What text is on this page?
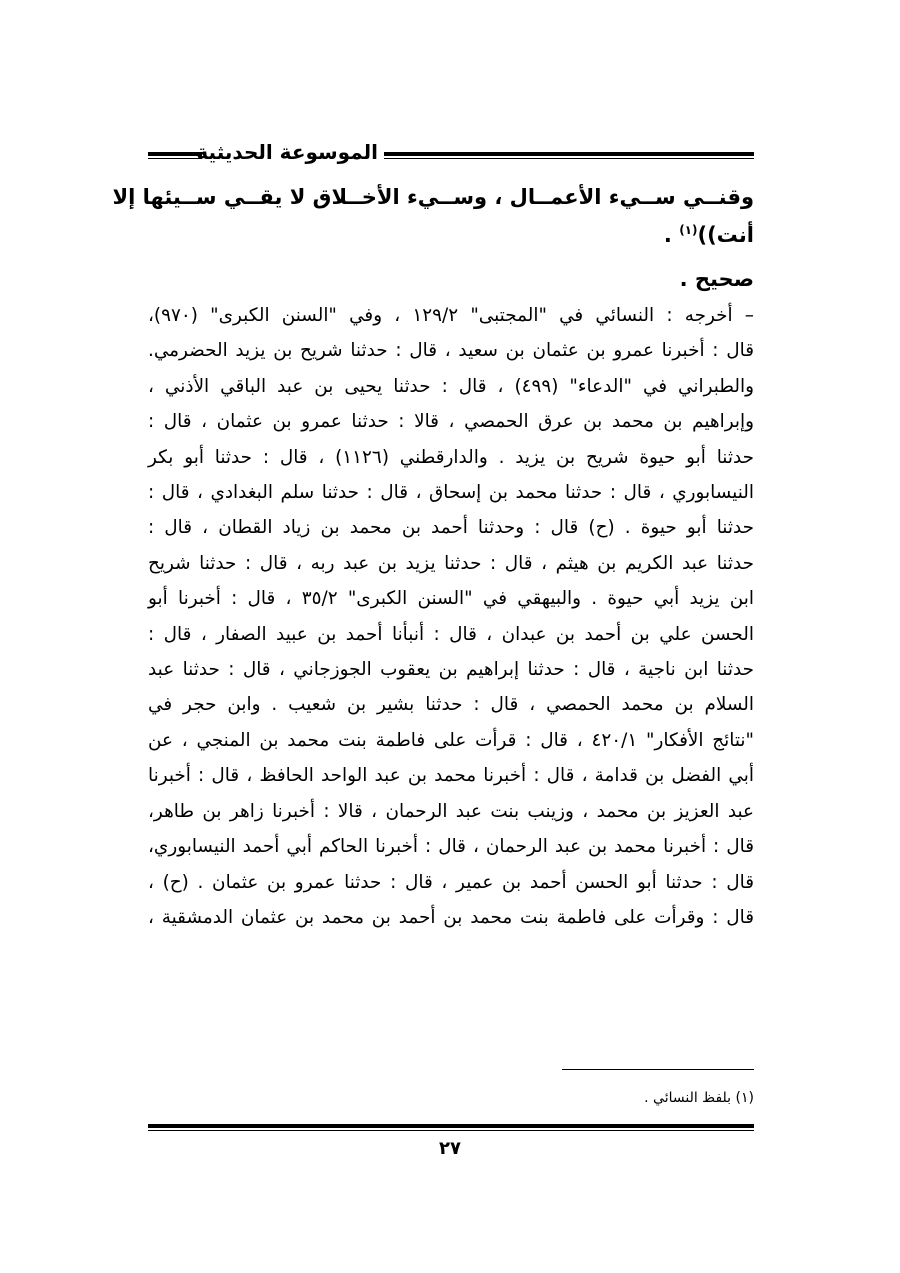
الموسوعة الحديثية

وقنــي ســيء الأعمــال ، وســيء الأخــلاق لا يقــي ســيئها إلا
أنت))$^{(١)}$ .

صحيح .

– أخرجه : النسائي في "المجتبى" ١٢٩/٢ ، وفي "السنن الكبرى" (٩٧٠)،
قال : أخبرنا عمرو بن عثمان بن سعيد ، قال : حدثنا شريح بن يزيد الحضرمي.
والطبراني في "الدعاء" (٤٩٩) ، قال : حدثنا يحيى بن عبد الباقي الأذني ،
وإبراهيم بن محمد بن عرق الحمصي ، قالا : حدثنا عمرو بن عثمان ، قال :
حدثنا أبو حيوة شريح بن يزيد . والدارقطني (١١٢٦) ، قال : حدثنا أبو بكر
النيسابوري ، قال : حدثنا محمد بن إسحاق ، قال : حدثنا سلم البغدادي ، قال :
حدثنا أبو حيوة . (ح) قال : وحدثنا أحمد بن محمد بن زياد القطان ، قال :
حدثنا عبد الكريم بن هيثم ، قال : حدثنا يزيد بن عبد ربه ، قال : حدثنا شريح
ابن يزيد أبي حيوة . والبيهقي في "السنن الكبرى" ٣٥/٢ ، قال : أخبرنا أبو
الحسن علي بن أحمد بن عبدان ، قال : أنبأنا أحمد بن عبيد الصفار ، قال :
حدثنا ابن ناجية ، قال : حدثنا إبراهيم بن يعقوب الجوزجاني ، قال : حدثنا عبد
السلام بن محمد الحمصي ، قال : حدثنا بشير بن شعيب . وابن حجر في
"نتائج الأفكار" ٤٢٠/١ ، قال : قرأت على فاطمة بنت محمد بن المنجي ، عن
أبي الفضل بن قدامة ، قال : أخبرنا محمد بن عبد الواحد الحافظ ، قال : أخبرنا
عبد العزيز بن محمد ، وزينب بنت عبد الرحمان ، قالا : أخبرنا زاهر بن طاهر،
قال : أخبرنا محمد بن عبد الرحمان ، قال : أخبرنا الحاكم أبي أحمد النيسابوري،
قال : حدثنا أبو الحسن أحمد بن عمير ، قال : حدثنا عمرو بن عثمان . (ح) ،
قال : وقرأت على فاطمة بنت محمد بن أحمد بن محمد بن عثمان الدمشقية ،
(١) بلفظ النسائي .
٢٧
